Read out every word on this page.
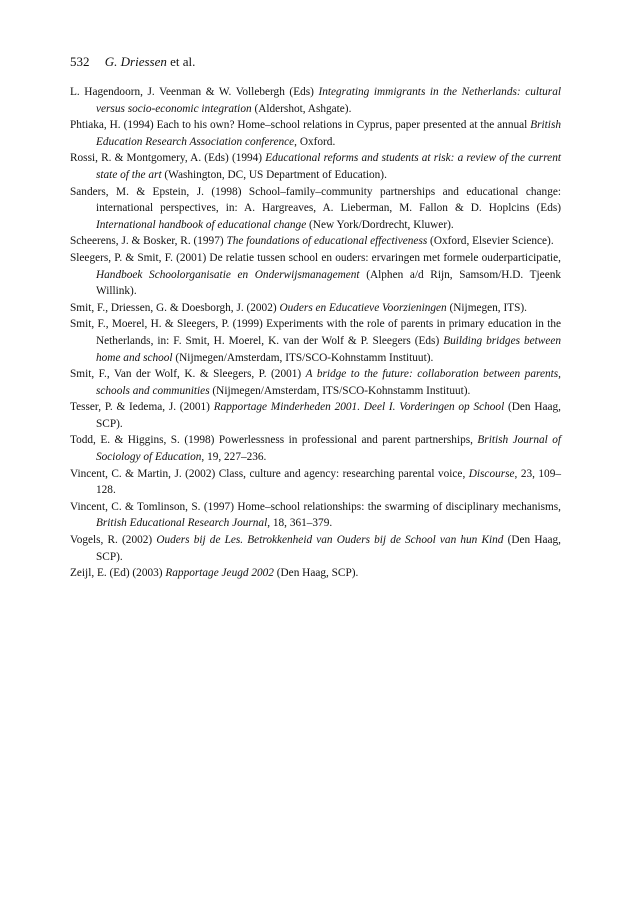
532 G. Driessen et al.
L. Hagendoorn, J. Veenman & W. Vollebergh (Eds) Integrating immigrants in the Netherlands: cultural versus socio-economic integration (Aldershot, Ashgate).
Phtiaka, H. (1994) Each to his own? Home–school relations in Cyprus, paper presented at the annual British Education Research Association conference, Oxford.
Rossi, R. & Montgomery, A. (Eds) (1994) Educational reforms and students at risk: a review of the current state of the art (Washington, DC, US Department of Education).
Sanders, M. & Epstein, J. (1998) School–family–community partnerships and educational change: international perspectives, in: A. Hargreaves, A. Lieberman, M. Fallon & D. Hoplcins (Eds) International handbook of educational change (New York/Dordrecht, Kluwer).
Scheerens, J. & Bosker, R. (1997) The foundations of educational effectiveness (Oxford, Elsevier Science).
Sleegers, P. & Smit, F. (2001) De relatie tussen school en ouders: ervaringen met formele ouderparticipatie, Handboek Schoolorganisatie en Onderwijsmanagement (Alphen a/d Rijn, Samsom/H.D. Tjeenk Willink).
Smit, F., Driessen, G. & Doesborgh, J. (2002) Ouders en Educatieve Voorzieningen (Nijmegen, ITS).
Smit, F., Moerel, H. & Sleegers, P. (1999) Experiments with the role of parents in primary education in the Netherlands, in: F. Smit, H. Moerel, K. van der Wolf & P. Sleegers (Eds) Building bridges between home and school (Nijmegen/Amsterdam, ITS/SCO-Kohnstamm Instituut).
Smit, F., Van der Wolf, K. & Sleegers, P. (2001) A bridge to the future: collaboration between parents, schools and communities (Nijmegen/Amsterdam, ITS/SCO-Kohnstamm Instituut).
Tesser, P. & Iedema, J. (2001) Rapportage Minderheden 2001. Deel I. Vorderingen op School (Den Haag, SCP).
Todd, E. & Higgins, S. (1998) Powerlessness in professional and parent partnerships, British Journal of Sociology of Education, 19, 227–236.
Vincent, C. & Martin, J. (2002) Class, culture and agency: researching parental voice, Discourse, 23, 109–128.
Vincent, C. & Tomlinson, S. (1997) Home–school relationships: the swarming of disciplinary mechanisms, British Educational Research Journal, 18, 361–379.
Vogels, R. (2002) Ouders bij de Les. Betrokkenheid van Ouders bij de School van hun Kind (Den Haag, SCP).
Zeijl, E. (Ed) (2003) Rapportage Jeugd 2002 (Den Haag, SCP).
